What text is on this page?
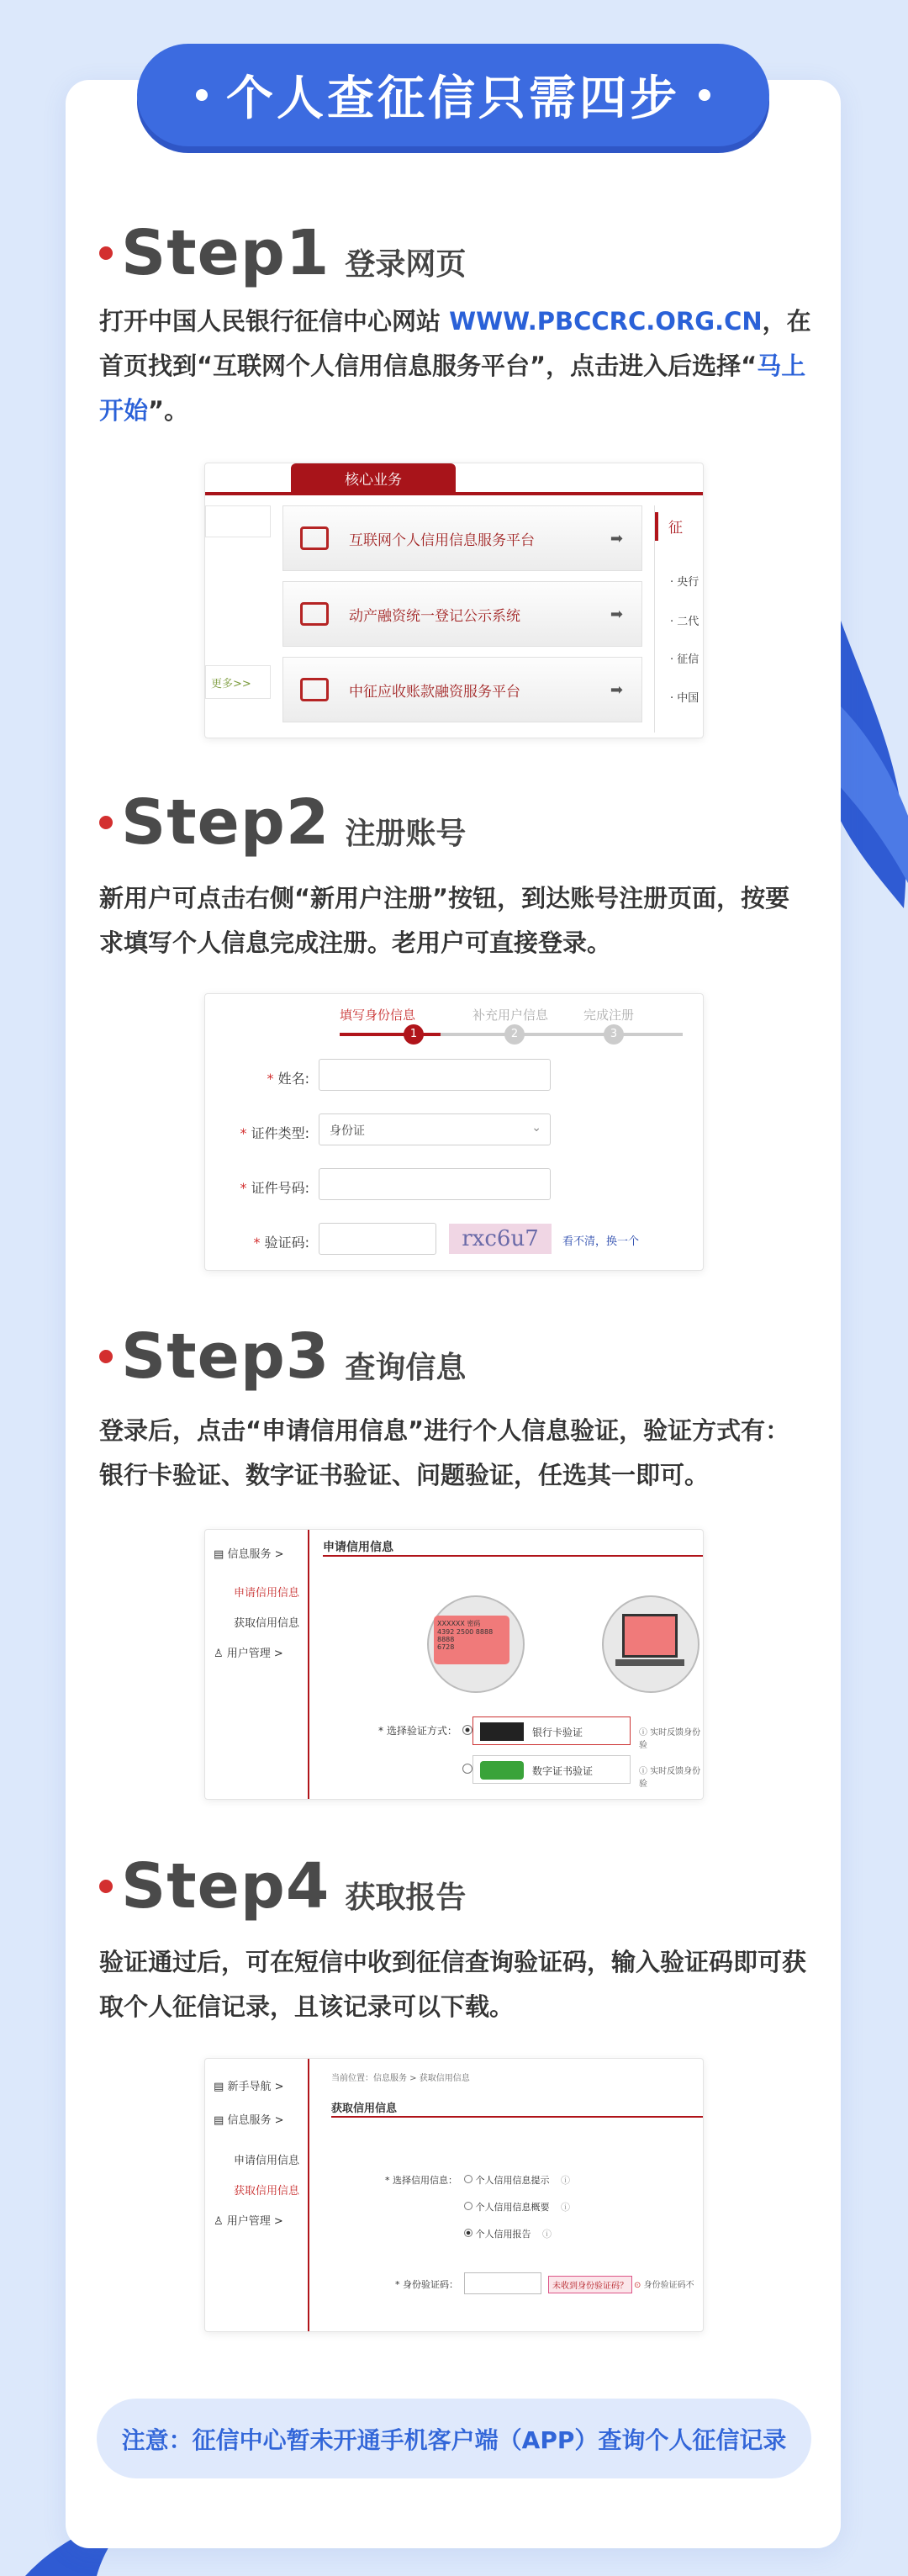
个人查征信只需四步
Step1 登录网页

打开中国人民银行征信中心网站 WWW.PBCCRC.ORG.CN，在首页找到“互联网个人信用信息服务平台”，点击进入后选择“马上开始”。

核心业务
更多>>
互联网个人信用信息服务平台	➡
动产融资统一登记公示系统	➡
中征应收账款融资服务平台	➡
征
· 央行
· 二代
· 征信
· 中国
Step2 注册账号

新用户可点击右侧“新用户注册”按钮，到达账号注册页面，按要求填写个人信息完成注册。老用户可直接登录。

填写身份信息	补充用户信息	完成注册
1	2	3
* 姓名:
* 证件类型:	身份证	⌄
* 证件号码:
* 验证码:	rxc6u7	看不清，换一个
Step3 查询信息

登录后，点击“申请信用信息”进行个人信息验证，验证方式有：银行卡验证、数字证书验证、问题验证，任选其一即可。

▤ 信息服务 >
申请信用信息
获取信用信息
♙ 用户管理 >
申请信用信息
XXXXXX 密码
4392 2500 8888 8888
6728
* 选择验证方式：	银行卡验证	ⓘ 实时反馈身份验
数字证书验证	ⓘ 实时反馈身份验
Step4 获取报告

验证通过后，可在短信中收到征信查询验证码，输入验证码即可获取个人征信记录，且该记录可以下载。

▤ 新手导航 >
▤ 信息服务 >
申请信用信息
获取信用信息
♙ 用户管理 >
当前位置：信息服务 > 获取信用信息
获取信用信息
* 选择信用信息：	个人信用信息提示 ⓘ
个人信用信息概要 ⓘ
个人信用报告 ⓘ
* 身份验证码：	未收到身份验证码？ ⊙ 身份验证码不
注意：征信中心暂未开通手机客户端（APP）查询个人征信记录
